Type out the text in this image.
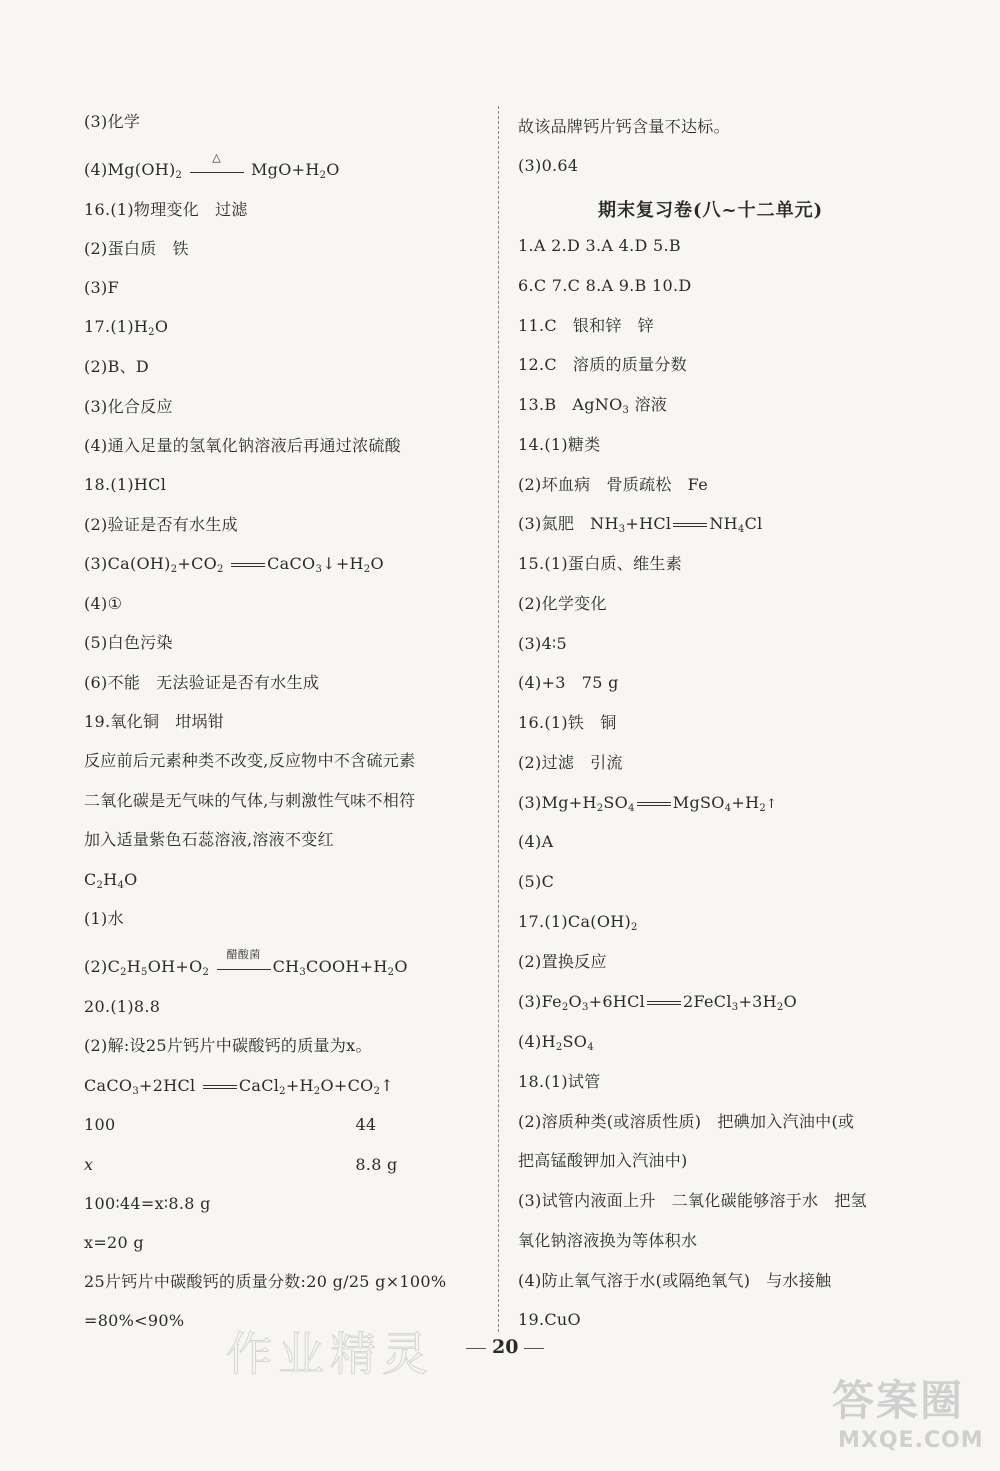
(3)化学
$(4)Mg(OH)_2$
△
$MgO+H_2O$
16.(1)物理变化 过滤
(2)蛋白质 铁
(3)F
$17.(1)H_2O$
(2)B、D
(3)化合反应
(4)通入足量的氢氧化钠溶液后再通过浓硫酸
18.(1)HCl
(2)验证是否有水生成
$(3)Ca(OH)_2+CO_2$	$CaCO_3↓+H_2O$
(4)①
(5)白色污染
(6)不能 无法验证是否有水生成
19.氧化铜 坩埚钳
反应前后元素种类不改变,反应物中不含硫元素
二氧化碳是无气味的气体,与刺激性气味不相符
加入适量紫色石蕊溶液,溶液不变红
$C_2H_4O$
(1)水
$(2)C_2H_5OH+O_2$
醋酸菌
$CH_3COOH+H_2O$
20.(1)8.8
(2)解:设25片钙片中碳酸钙的质量为x。
CaCO$_3$+2HCl	$CaCl_2+H_2O+CO_2↑$
100	44
x	8.8 g
100∶44=x∶8.8 g
x=20 g
25片钙片中碳酸钙的质量分数:20 g/25 g×100%
=80%<90%
故该品牌钙片钙含量不达标。
(3)0.64
期末复习卷(八~十二单元)
1.A 2.D 3.A 4.D 5.B
6.C 7.C 8.A 9.B 10.D
11.C 银和锌 锌
12.C 溶质的质量分数
13.B AgNO$_3$ 溶液
14.(1)糖类
(2)坏血病 骨质疏松 Fe
(3)氮肥 $NH_3+HCl$ $NH_4Cl$
15.(1)蛋白质、维生素
(2)化学变化
(3)4∶5
(4)+3 75 g
16.(1)铁 铜
(2)过滤 引流
$(3)Mg+H_2SO_4$ $MgSO_4+H_2↑$
(4)A
(5)C
$17.(1)Ca(OH)_2$
(2)置换反应
$(3)Fe_2O_3+6HCl$ $2FeCl_3+3H_2O$
$(4)H_2SO_4$
18.(1)试管
(2)溶质种类(或溶质性质) 把碘加入汽油中(或
把高锰酸钾加入汽油中)
(3)试管内液面上升 二氧化碳能够溶于水 把氢
氧化钠溶液换为等体积水
(4)防止氧气溶于水(或隔绝氧气) 与水接触
19.CuO
作业精灵	20
答案圈
MXQE.COM
